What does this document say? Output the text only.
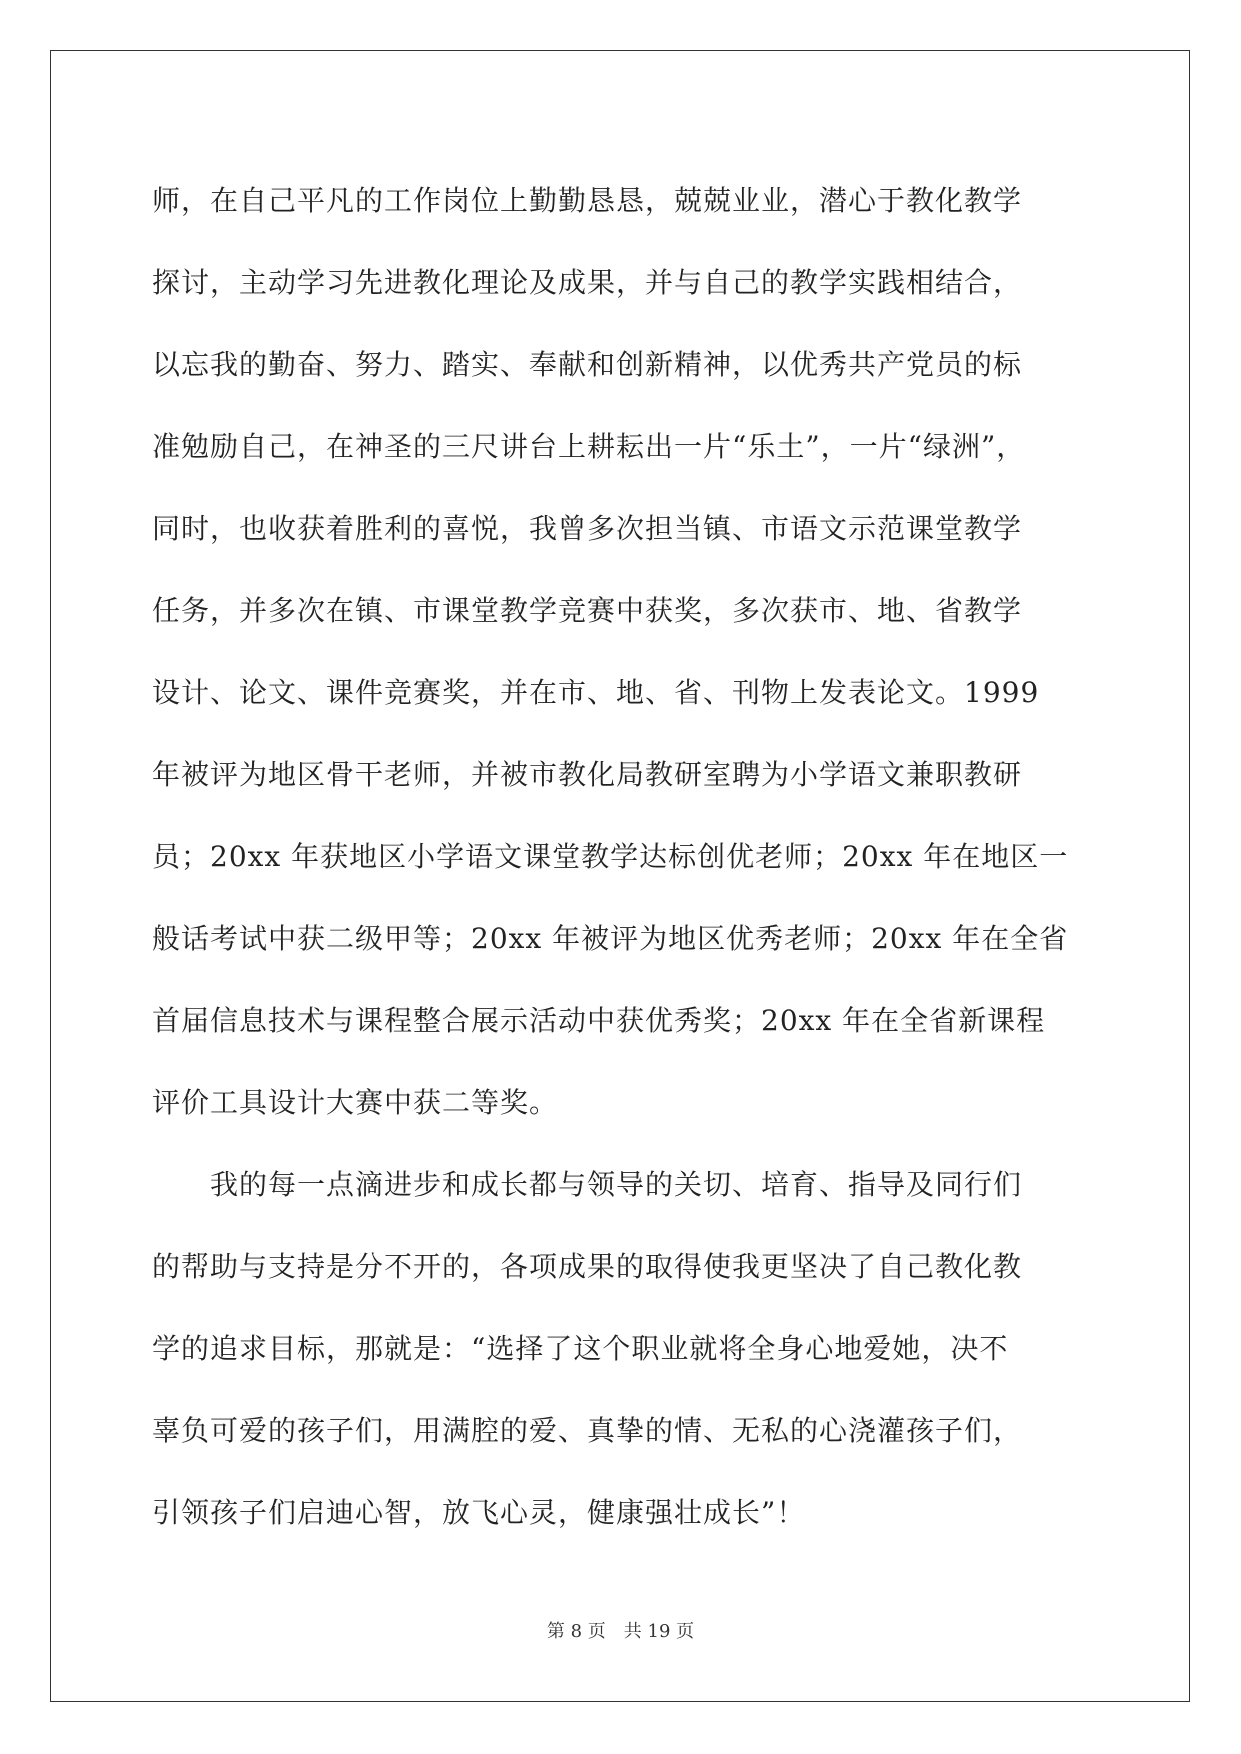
师，在自己平凡的工作岗位上勤勤恳恳，兢兢业业，潜心于教化教学
探讨，主动学习先进教化理论及成果，并与自己的教学实践相结合，
以忘我的勤奋、努力、踏实、奉献和创新精神，以优秀共产党员的标
准勉励自己，在神圣的三尺讲台上耕耘出一片“乐土”，一片“绿洲”，
同时，也收获着胜利的喜悦，我曾多次担当镇、市语文示范课堂教学
任务，并多次在镇、市课堂教学竞赛中获奖，多次获市、地、省教学
设计、论文、课件竞赛奖，并在市、地、省、刊物上发表论文。1999
年被评为地区骨干老师，并被市教化局教研室聘为小学语文兼职教研
员；20xx 年获地区小学语文课堂教学达标创优老师；20xx 年在地区一
般话考试中获二级甲等；20xx 年被评为地区优秀老师；20xx 年在全省
首届信息技术与课程整合展示活动中获优秀奖；20xx 年在全省新课程
评价工具设计大赛中获二等奖。
　　我的每一点滴进步和成长都与领导的关切、培育、指导及同行们
的帮助与支持是分不开的，各项成果的取得使我更坚决了自己教化教
学的追求目标，那就是：“选择了这个职业就将全身心地爱她，决不
辜负可爱的孩子们，用满腔的爱、真挚的情、无私的心浇灌孩子们，
引领孩子们启迪心智，放飞心灵，健康强壮成长”！
第 8 页　共 19 页
